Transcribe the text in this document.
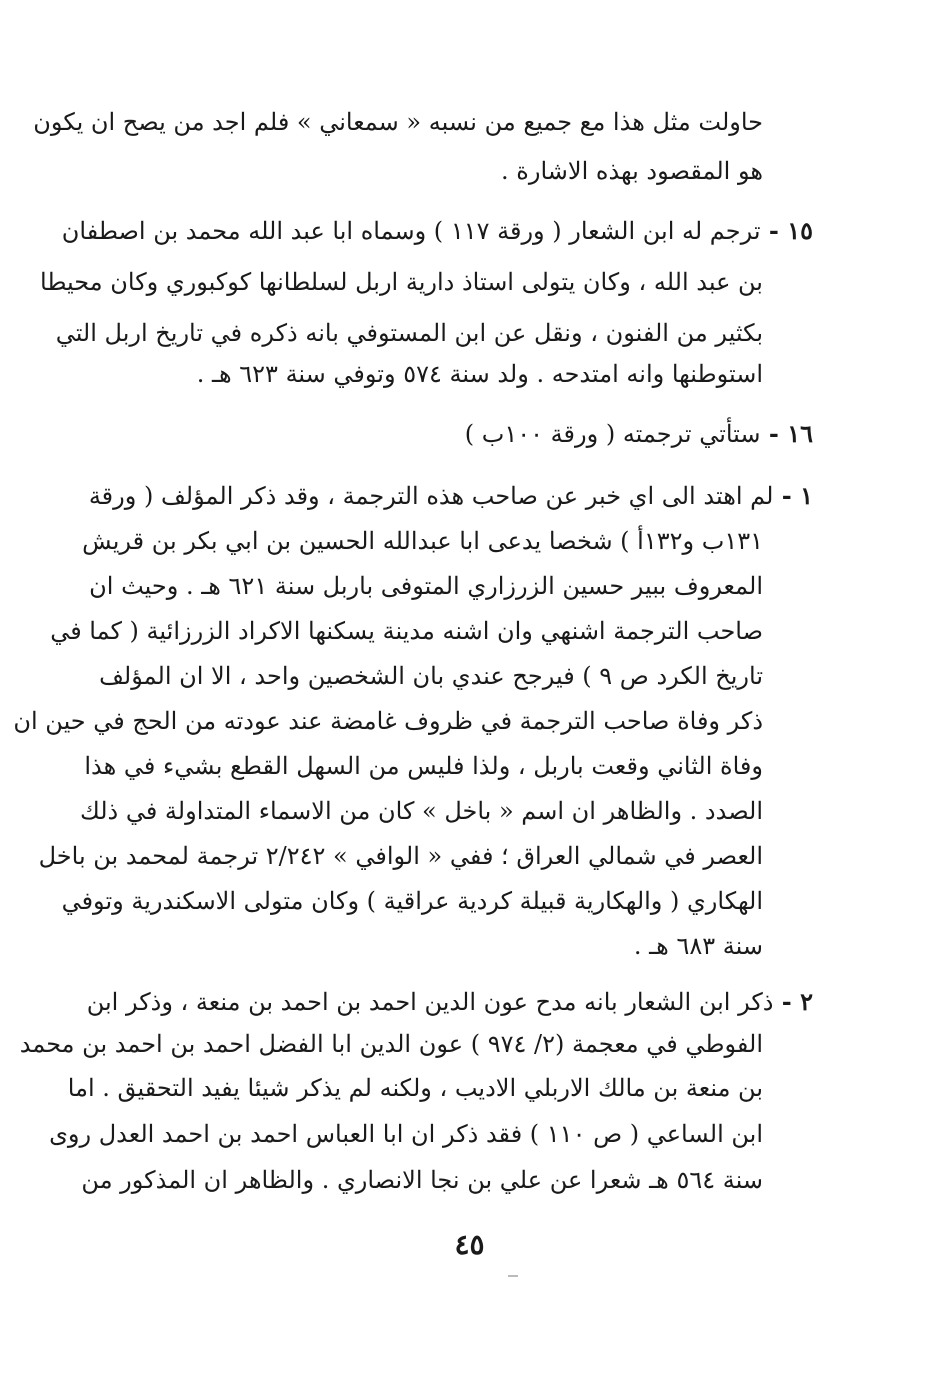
حاولت مثل هذا مع جميع من نسبه « سمعاني » فلم اجد من يصح ان يكون
هو المقصود بهذه الاشارة .
١٥ - ترجم له ابن الشعار ( ورقة ١١٧ ) وسماه ابا عبد الله محمد بن اصطفان
بن عبد الله ، وكان يتولى استاذ دارية اربل لسلطانها كوكبوري وكان محيطا
بكثير من الفنون ، ونقل عن ابن المستوفي بانه ذكره في تاريخ اربل التي
استوطنها وانه امتدحه . ولد سنة ٥٧٤ وتوفي سنة ٦٢٣ هـ .
١٦ - ستأتي ترجمته ( ورقة ١٠٠ب )
١ - لم اهتد الى اي خبر عن صاحب هذه الترجمة ، وقد ذكر المؤلف ( ورقة
١٣١ب و١٣٢أ ) شخصا يدعى ابا عبدالله الحسين بن ابي بكر بن قريش
المعروف ببير حسين الزرزاري المتوفى باربل سنة ٦٢١ هـ . وحيث ان
صاحب الترجمة اشنهي وان اشنه مدينة يسكنها الاكراد الزرزائية ( كما في
تاريخ الكرد ص ٩ ) فيرجح عندي بان الشخصين واحد ، الا ان المؤلف
ذكر وفاة صاحب الترجمة في ظروف غامضة عند عودته من الحج في حين ان
وفاة الثاني وقعت باربل ، ولذا فليس من السهل القطع بشيء في هذا
الصدد . والظاهر ان اسم « باخل » كان من الاسماء المتداولة في ذلك
العصر في شمالي العراق ؛ ففي « الوافي » ٢/٢٤٢ ترجمة لمحمد بن باخل
الهكاري ( والهكارية قبيلة كردية عراقية ) وكان متولى الاسكندرية وتوفي
سنة ٦٨٣ هـ .
٢ - ذكر ابن الشعار بانه مدح عون الدين احمد بن احمد بن منعة ، وذكر ابن
الفوطي في معجمة (٢/ ٩٧٤ ) عون الدين ابا الفضل احمد بن احمد بن محمد
بن منعة بن مالك الاربلي الاديب ، ولكنه لم يذكر شيئا يفيد التحقيق . اما
ابن الساعي ( ص ١١٠ ) فقد ذكر ان ابا العباس احمد بن احمد العدل روى
سنة ٥٦٤ هـ شعرا عن علي بن نجا الانصاري . والظاهر ان المذكور من
٤٥
